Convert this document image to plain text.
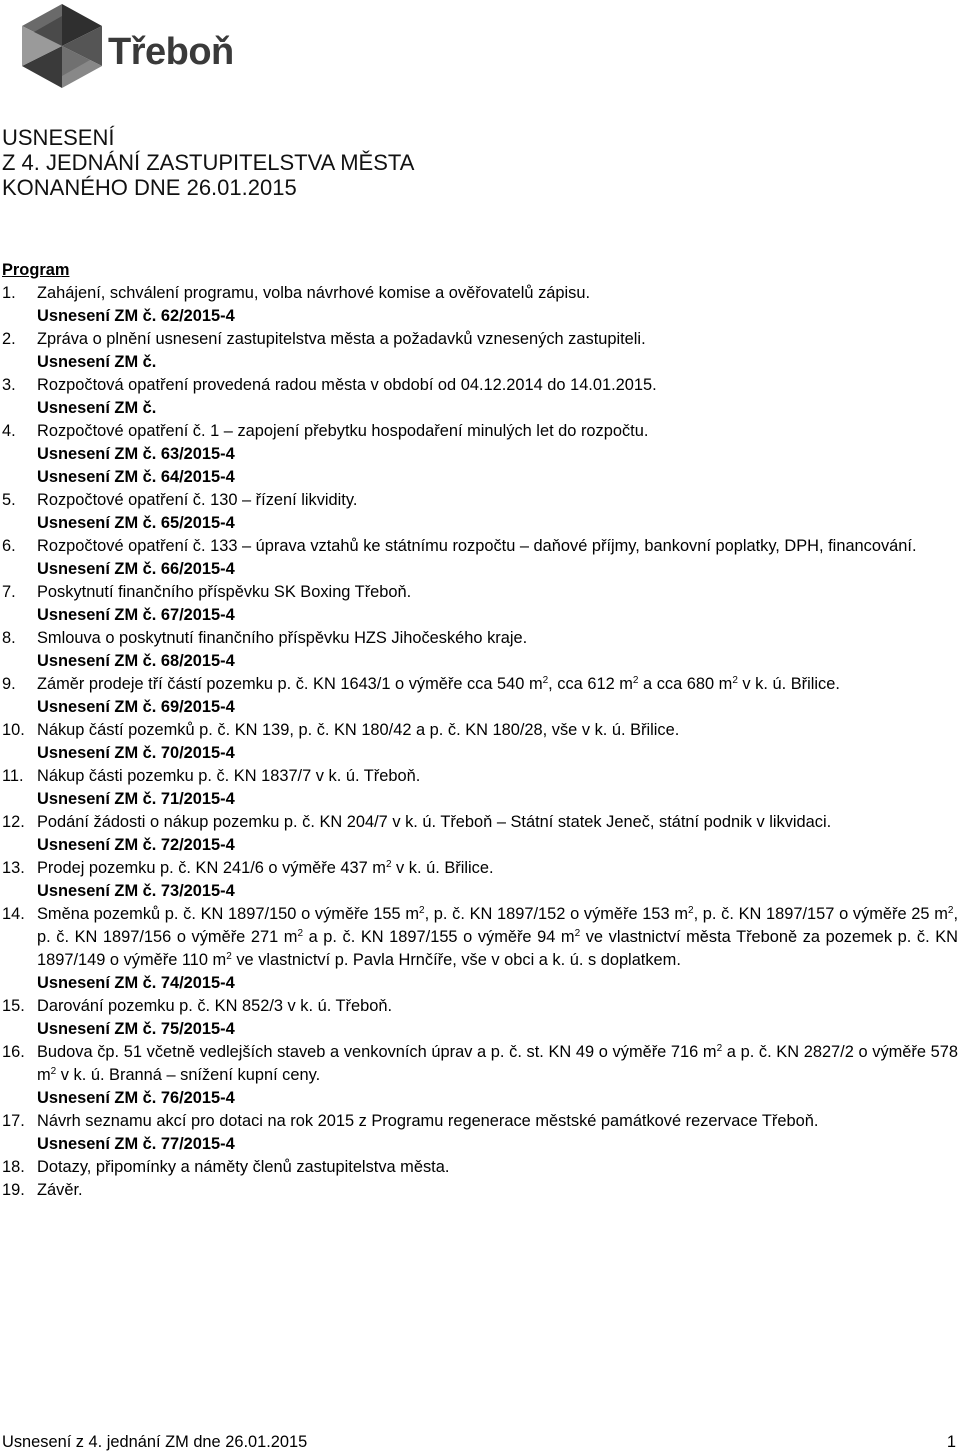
Třeboň
USNESENÍ
Z 4. JEDNÁNÍ ZASTUPITELSTVA MĚSTA
KONANÉHO DNE 26.01.2015
Program
1.	Zahájení, schválení programu, volba návrhové komise a ověřovatelů zápisu.
Usnesení ZM č. 62/2015-4
2.	Zpráva o plnění usnesení zastupitelstva města a požadavků vznesených zastupiteli.
Usnesení ZM č.
3.	Rozpočtová opatření provedená radou města v období od 04.12.2014 do 14.01.2015.
Usnesení ZM č.
4.	Rozpočtové opatření č. 1 – zapojení přebytku hospodaření minulých let do rozpočtu.
Usnesení ZM č. 63/2015-4
Usnesení ZM č. 64/2015-4
5.	Rozpočtové opatření č. 130 – řízení likvidity.
Usnesení ZM č. 65/2015-4
6.	Rozpočtové opatření č. 133 – úprava vztahů ke státnímu rozpočtu – daňové příjmy, bankovní poplatky, DPH, financování.
Usnesení ZM č. 66/2015-4
7.	Poskytnutí finančního příspěvku SK Boxing Třeboň.
Usnesení ZM č. 67/2015-4
8.	Smlouva o poskytnutí finančního příspěvku HZS Jihočeského kraje.
Usnesení ZM č. 68/2015-4
9.	Záměr prodeje tří částí pozemku p. č. KN 1643/1 o výměře cca 540 $m^2$, cca 612 $m^2$ a cca 680 $m^2$ v k. ú. Břilice.
Usnesení ZM č. 69/2015-4
10. Nákup částí pozemků p. č. KN 139, p. č. KN 180/42 a p. č. KN 180/28, vše v k. ú. Břilice.
Usnesení ZM č. 70/2015-4
11. Nákup části pozemku p. č. KN 1837/7 v k. ú. Třeboň.
Usnesení ZM č. 71/2015-4
12. Podání žádosti o nákup pozemku p. č. KN 204/7 v k. ú. Třeboň – Státní statek Jeneč, státní podnik v likvidaci.
Usnesení ZM č. 72/2015-4
13. Prodej pozemku p. č. KN 241/6 o výměře 437 $m^2$ v k. ú. Břilice.
Usnesení ZM č. 73/2015-4
14. Směna pozemků p. č. KN 1897/150 o výměře 155 $m^2$, p. č. KN 1897/152 o výměře 153 $m^2$, p. č. KN 1897/157 o výměře 25 $m^2$, p. č. KN 1897/156 o výměře 271 $m^2$ a p. č. KN 1897/155 o výměře 94 $m^2$ ve vlastnictví města Třeboně za pozemek p. č. KN 1897/149 o výměře 110 $m^2$ ve vlastnictví p. Pavla Hrnčíře, vše v obci a k. ú. s doplatkem.
Usnesení ZM č. 74/2015-4
15. Darování pozemku p. č. KN 852/3 v k. ú. Třeboň.
Usnesení ZM č. 75/2015-4
16. Budova čp. 51 včetně vedlejších staveb a venkovních úprav a p. č. st. KN 49 o výměře 716 $m^2$ a p. č. KN 2827/2 o výměře 578 $m^2$ v k. ú. Branná – snížení kupní ceny.
Usnesení ZM č. 76/2015-4
17. Návrh seznamu akcí pro dotaci na rok 2015 z Programu regenerace městské památkové rezervace Třeboň.
Usnesení ZM č. 77/2015-4
18. Dotazy, připomínky a náměty členů zastupitelstva města.
19. Závěr.
Usnesení z 4. jednání ZM dne 26.01.2015	1
